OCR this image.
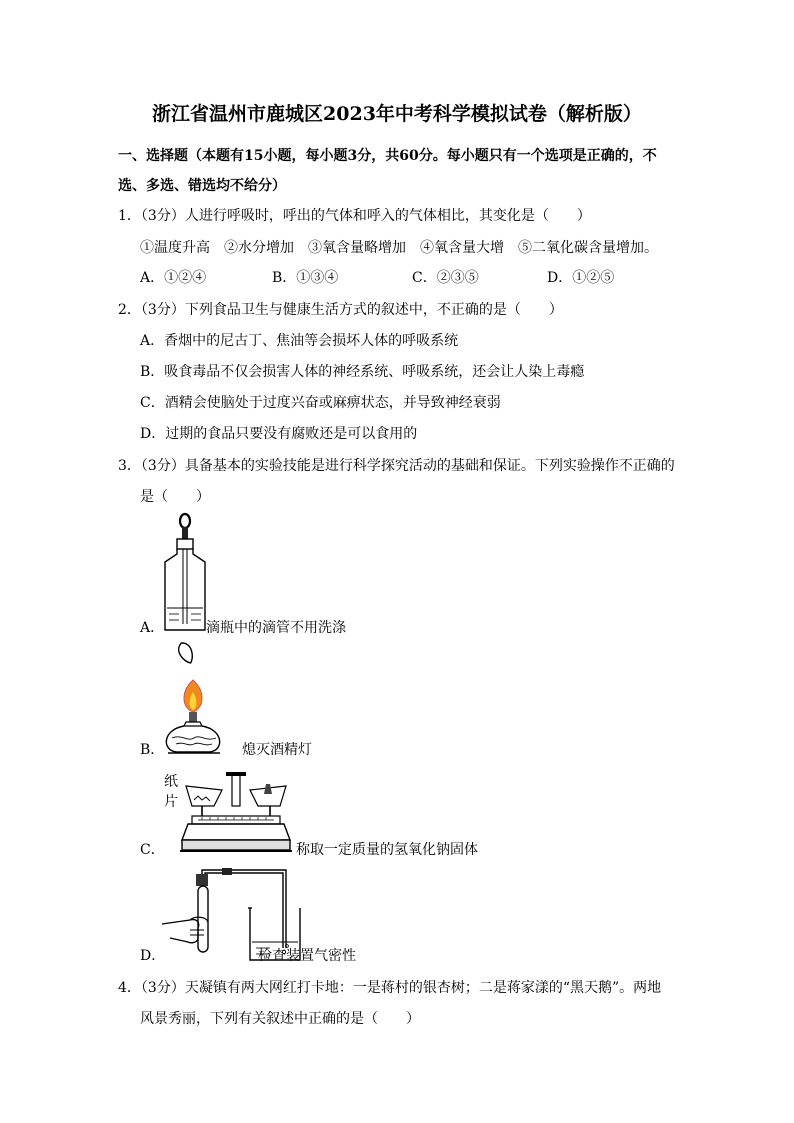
浙江省温州市鹿城区2023年中考科学模拟试卷（解析版）
一、选择题（本题有15小题，每小题3分，共60分。每小题只有一个选项是正确的，不
选、多选、错选均不给分）
1．（3分）人进行呼吸时，呼出的气体和呼入的气体相比，其变化是（　　）
①温度升高　②水分增加　③氧含量略增加　④氧含量大增　⑤二氧化碳含量增加。
A．①②④	B．①③④	C．②③⑤	D．①②⑤
2．（3分）下列食品卫生与健康生活方式的叙述中，不正确的是（　　）
A．香烟中的尼古丁、焦油等会损坏人体的呼吸系统
B．吸食毒品不仅会损害人体的神经系统、呼吸系统，还会让人染上毒瘾
C．酒精会使脑处于过度兴奋或麻痹状态，并导致神经衰弱
D．过期的食品只要没有腐败还是可以食用的
3．（3分）具备基本的实验技能是进行科学探究活动的基础和保证。下列实验操作不正确的
是（　　）
A．	滴瓶中的滴管不用洗涤
B．	熄灭酒精灯
纸
片
C．	称取一定质量的氢氧化钠固体
D．	检查装置气密性
4．（3分）天凝镇有两大网红打卡地：一是蒋村的银杏树；二是蒋家漾的“黑天鹅”。两地
风景秀丽，下列有关叙述中正确的是（　　）
